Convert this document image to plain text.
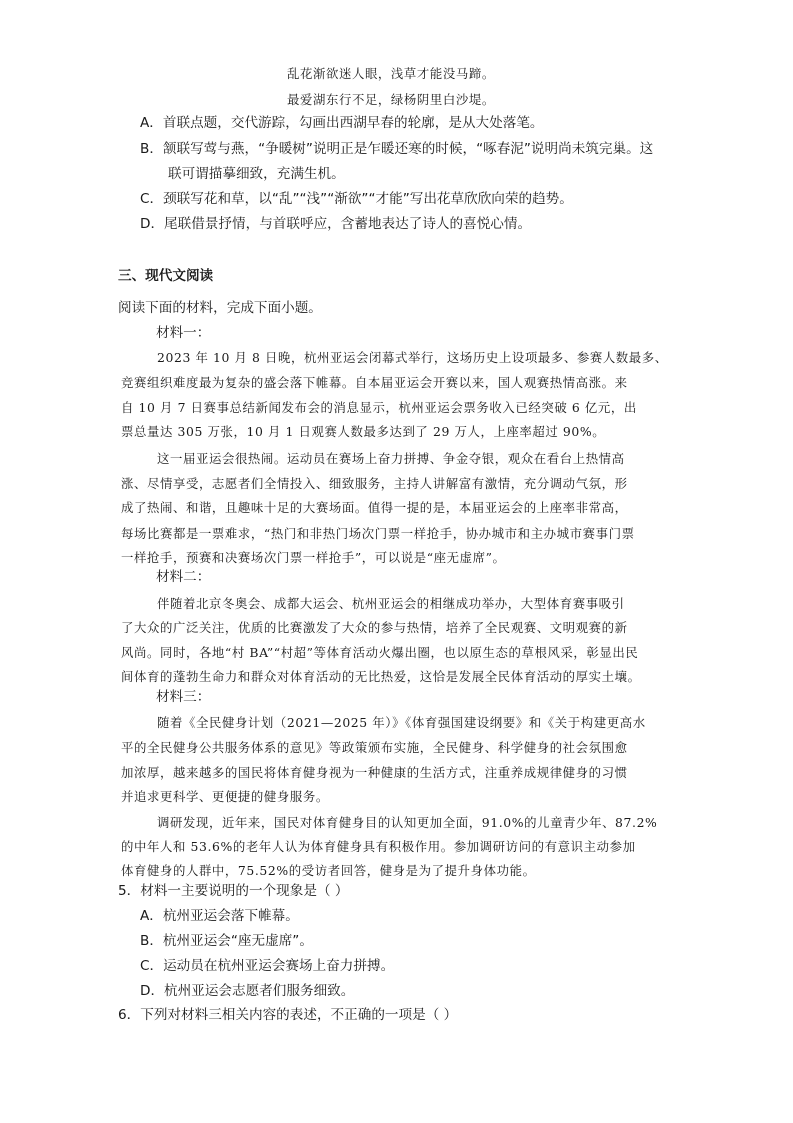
乱花渐欲迷人眼，浅草才能没马蹄。
最爱湖东行不足，绿杨阴里白沙堤。
A．首联点题，交代游踪，勾画出西湖早春的轮廓，是从大处落笔。
B．颔联写莺与燕，“争暖树”说明正是乍暖还寒的时候，“啄春泥”说明尚未筑完巢。这
联可谓描摹细致，充满生机。
C．颈联写花和草，以“乱”“浅”“渐欲”“才能”写出花草欣欣向荣的趋势。
D．尾联借景抒情，与首联呼应，含蓄地表达了诗人的喜悦心情。
三、现代文阅读
阅读下面的材料，完成下面小题。
材料一：
2023 年 10 月 8 日晚，杭州亚运会闭幕式举行，这场历史上设项最多、参赛人数最多、
竞赛组织难度最为复杂的盛会落下帷幕。自本届亚运会开赛以来，国人观赛热情高涨。来
自 10 月 7 日赛事总结新闻发布会的消息显示，杭州亚运会票务收入已经突破 6 亿元，出
票总量达 305 万张，10 月 1 日观赛人数最多达到了 29 万人，上座率超过 90%。
这一届亚运会很热闹。运动员在赛场上奋力拼搏、争金夺银，观众在看台上热情高
涨、尽情享受，志愿者们全情投入、细致服务，主持人讲解富有激情，充分调动气氛，形
成了热闹、和谐，且趣味十足的大赛场面。值得一提的是，本届亚运会的上座率非常高，
每场比赛都是一票难求，“热门和非热门场次门票一样抢手，协办城市和主办城市赛事门票
一样抢手，预赛和决赛场次门票一样抢手”，可以说是“座无虚席”。
材料二：
伴随着北京冬奥会、成都大运会、杭州亚运会的相继成功举办，大型体育赛事吸引
了大众的广泛关注，优质的比赛激发了大众的参与热情，培养了全民观赛、文明观赛的新
风尚。同时，各地“村 BA”“村超”等体育活动火爆出圈，也以原生态的草根风采，彰显出民
间体育的蓬勃生命力和群众对体育活动的无比热爱，这恰是发展全民体育活动的厚实土壤。
材料三：
随着《全民健身计划（2021—2025 年）》《体育强国建设纲要》和《关于构建更高水
平的全民健身公共服务体系的意见》等政策颁布实施，全民健身、科学健身的社会氛围愈
加浓厚，越来越多的国民将体育健身视为一种健康的生活方式，注重养成规律健身的习惯
并追求更科学、更便捷的健身服务。
调研发现，近年来，国民对体育健身目的认知更加全面，91.0%的儿童青少年、87.2%
的中年人和 53.6%的老年人认为体育健身具有积极作用。参加调研访问的有意识主动参加
体育健身的人群中，75.52%的受访者回答，健身是为了提升身体功能。
5．材料一主要说明的一个现象是（ ）
A．杭州亚运会落下帷幕。
B．杭州亚运会“座无虚席”。
C．运动员在杭州亚运会赛场上奋力拼搏。
D．杭州亚运会志愿者们服务细致。
6．下列对材料三相关内容的表述，不正确的一项是（ ）
